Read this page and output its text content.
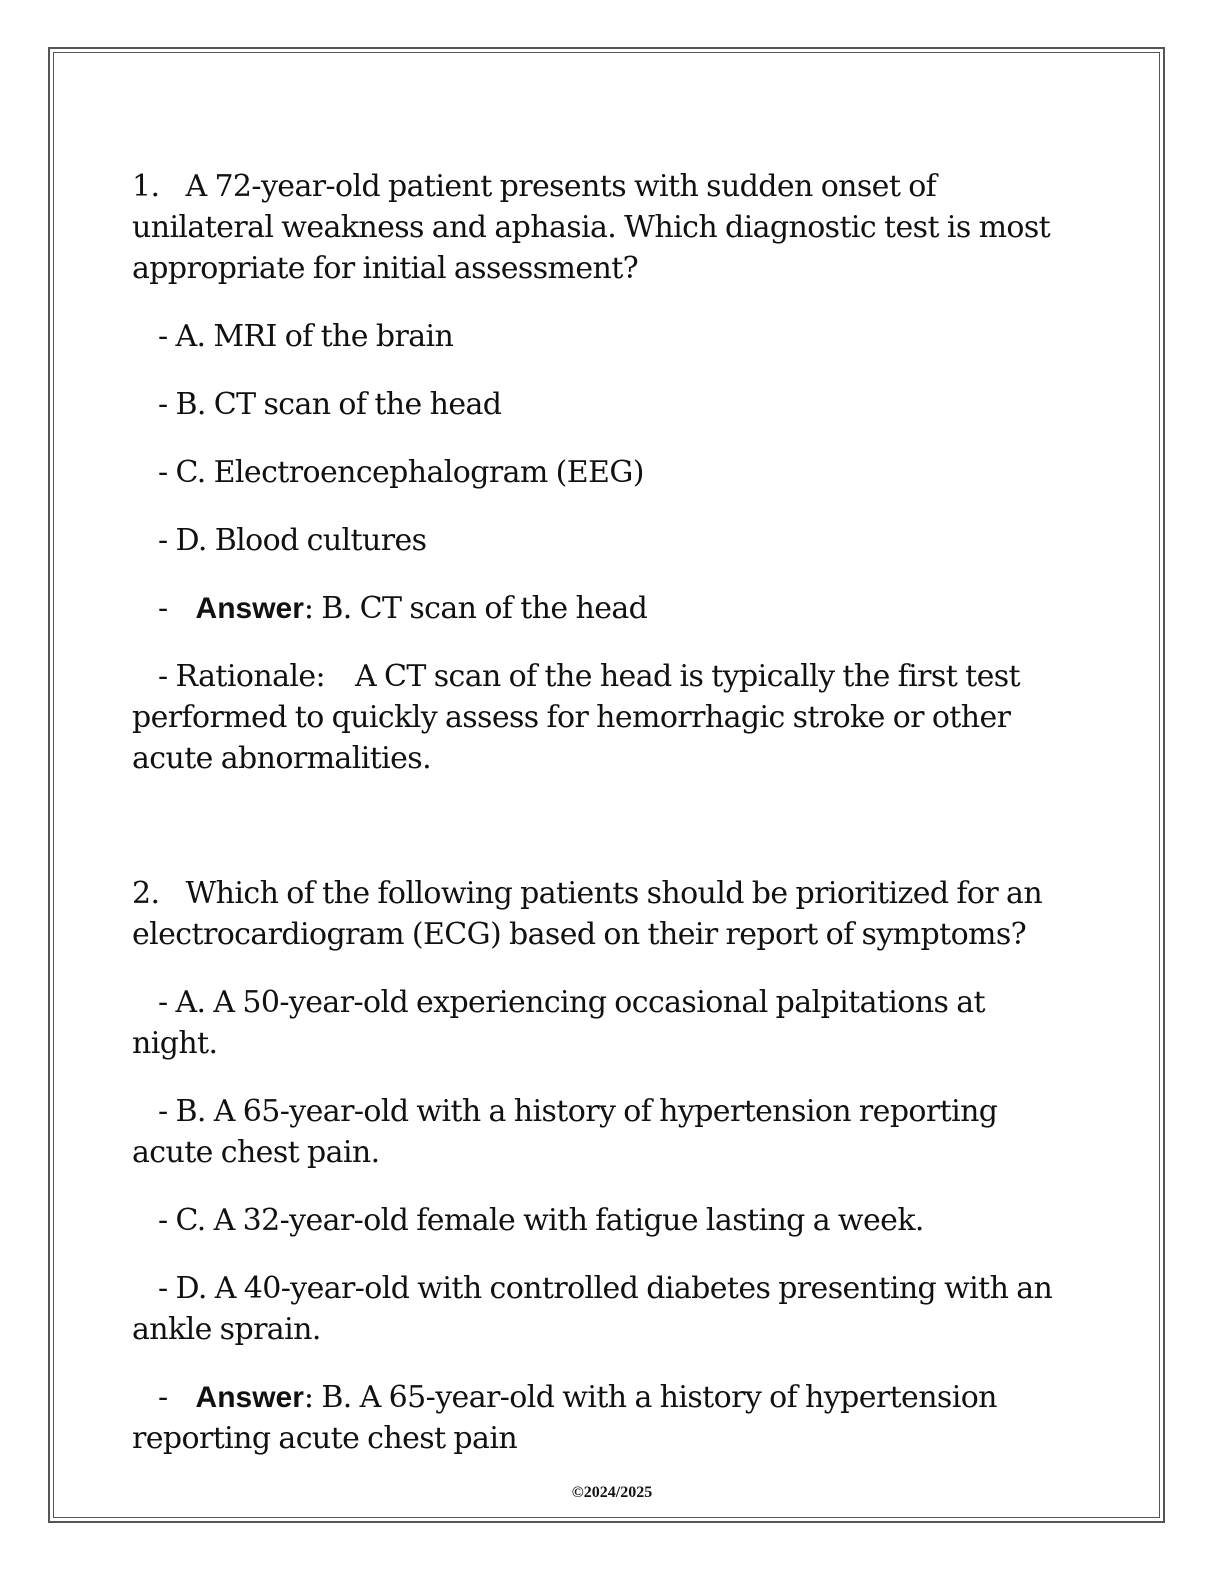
1. A 72-year-old patient presents with sudden onset of unilateral weakness and aphasia. Which diagnostic test is most appropriate for initial assessment?

- A. MRI of the brain

- B. CT scan of the head

- C. Electroencephalogram (EEG)

- D. Blood cultures

- Answer: B. CT scan of the head

- Rationale: A CT scan of the head is typically the first test performed to quickly assess for hemorrhagic stroke or other acute abnormalities.

2. Which of the following patients should be prioritized for an electrocardiogram (ECG) based on their report of symptoms?

- A. A 50-year-old experiencing occasional palpitations at night.

- B. A 65-year-old with a history of hypertension reporting acute chest pain.

- C. A 32-year-old female with fatigue lasting a week.

- D. A 40-year-old with controlled diabetes presenting with an ankle sprain.

- Answer: B. A 65-year-old with a history of hypertension reporting acute chest pain

©2024/2025
